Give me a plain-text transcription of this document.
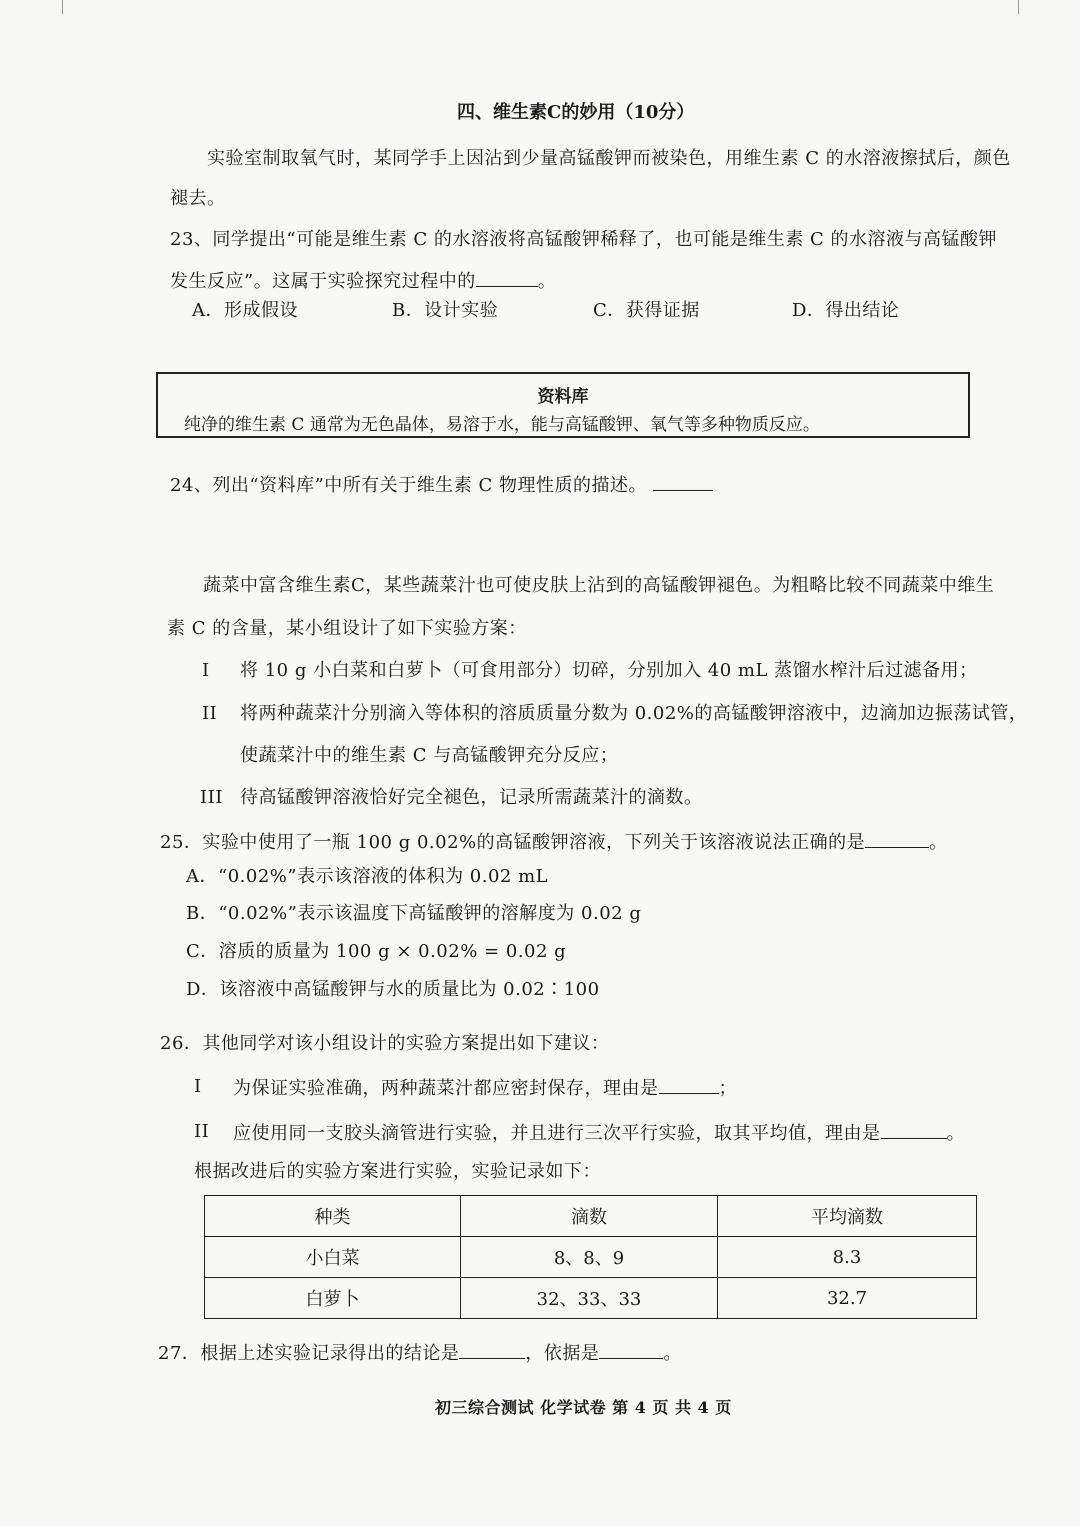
四、维生素C的妙用（10分）
实验室制取氧气时，某同学手上因沾到少量高锰酸钾而被染色，用维生素 C 的水溶液擦拭后，颜色
褪去。
23、同学提出“可能是维生素 C 的水溶液将高锰酸钾稀释了，也可能是维生素 C 的水溶液与高锰酸钾
发生反应”。这属于实验探究过程中的	。
A．形成假设	B．设计实验	C．获得证据	D．得出结论
资料库
纯净的维生素 C 通常为无色晶体，易溶于水，能与高锰酸钾、氧气等多种物质反应。
24、列出“资料库”中所有关于维生素 C 物理性质的描述。
蔬菜中富含维生素C，某些蔬菜汁也可使皮肤上沾到的高锰酸钾褪色。为粗略比较不同蔬菜中维生
素 C 的含量，某小组设计了如下实验方案：
I 将 10 g 小白菜和白萝卜（可食用部分）切碎，分别加入 40 mL 蒸馏水榨汁后过滤备用；
II 将两种蔬菜汁分别滴入等体积的溶质质量分数为 0.02%的高锰酸钾溶液中，边滴加边振荡试管，
使蔬菜汁中的维生素 C 与高锰酸钾充分反应；
III 待高锰酸钾溶液恰好完全褪色，记录所需蔬菜汁的滴数。
25．实验中使用了一瓶 100 g 0.02%的高锰酸钾溶液，下列关于该溶液说法正确的是	。
A．“0.02%”表示该溶液的体积为 0.02 mL
B．“0.02%”表示该温度下高锰酸钾的溶解度为 0.02 g
C．溶质的质量为 100 g × 0.02% = 0.02 g
D．该溶液中高锰酸钾与水的质量比为 0.02∶100
26．其他同学对该小组设计的实验方案提出如下建议：
I 为保证实验准确，两种蔬菜汁都应密封保存，理由是	；
II 应使用同一支胶头滴管进行实验，并且进行三次平行实验，取其平均值，理由是	。
根据改进后的实验方案进行实验，实验记录如下：
种类	滴数	平均滴数
小白菜	8、8、9	8.3
白萝卜	32、33、33	32.7
27．根据上述实验记录得出的结论是	，依据是	。
初三综合测试 化学试卷 第 4 页 共 4 页
